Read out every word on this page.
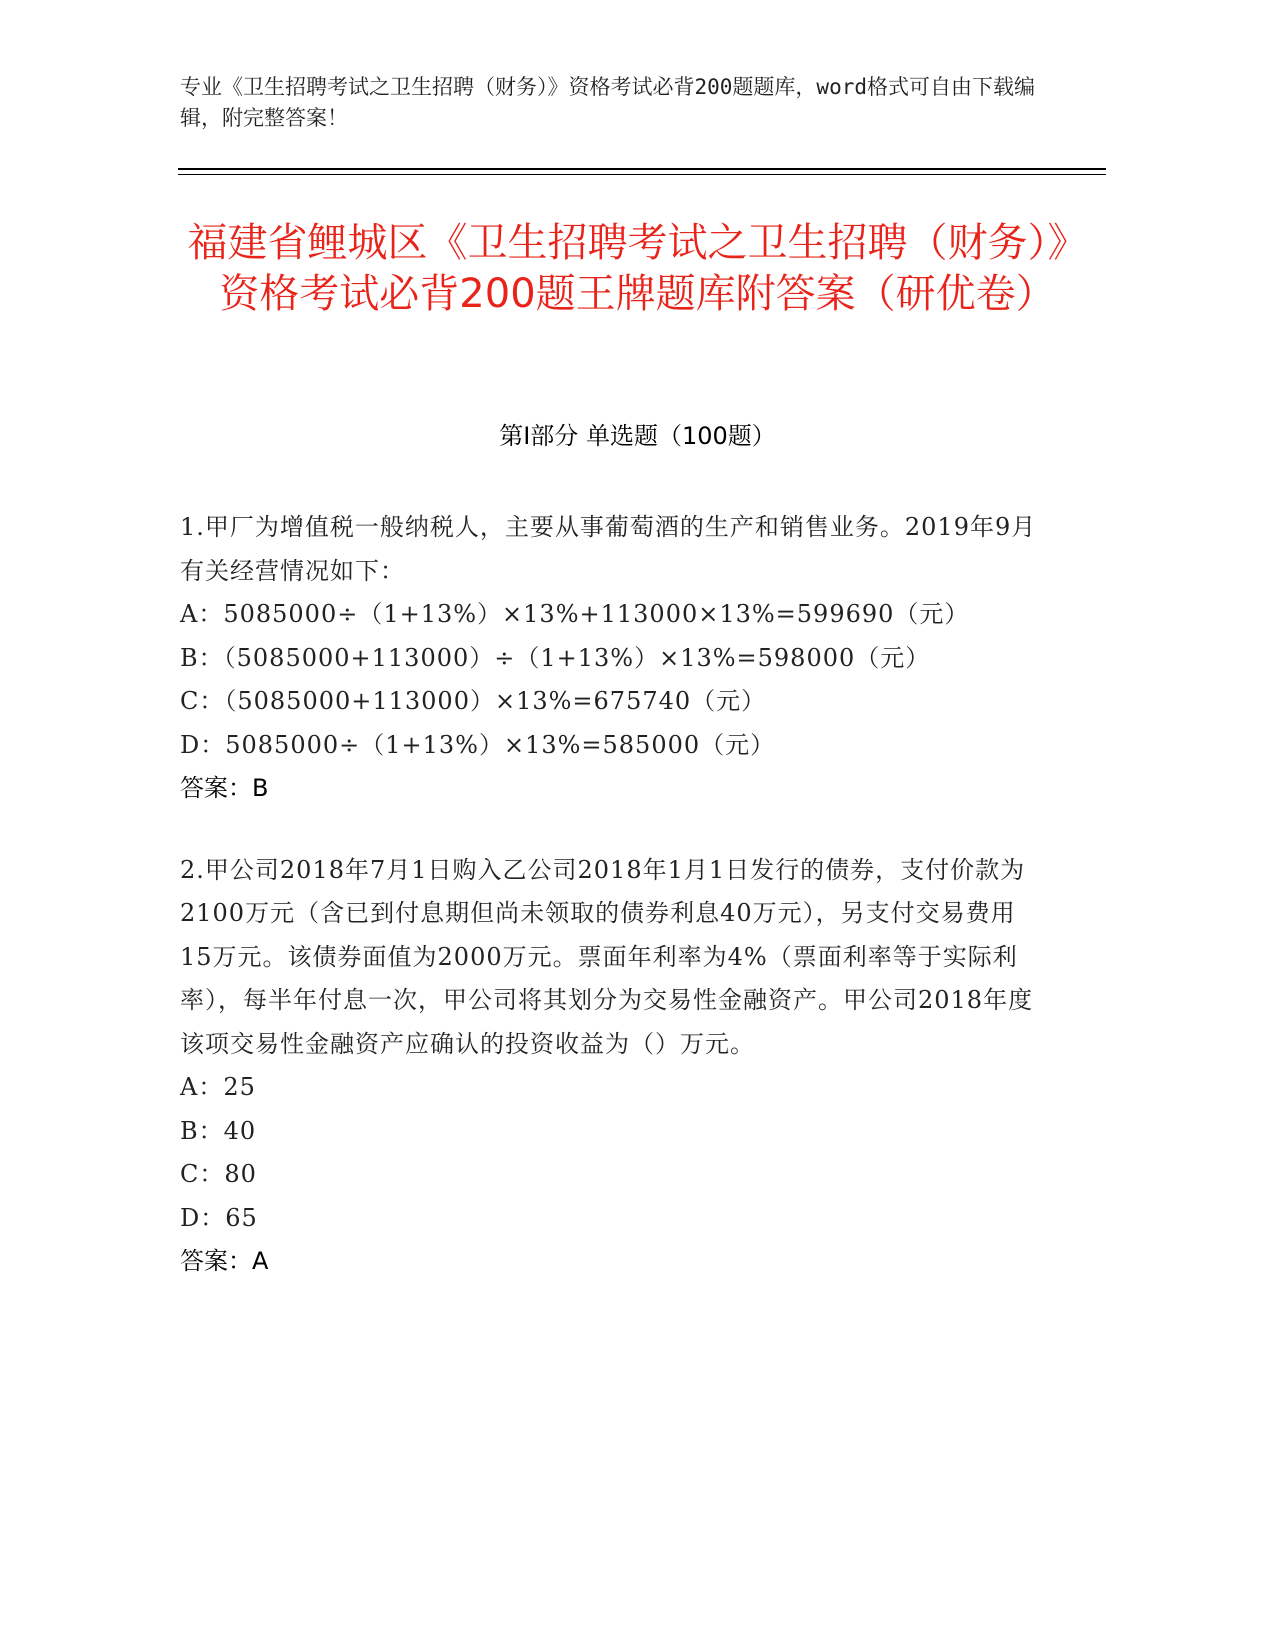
专业《卫生招聘考试之卫生招聘（财务）》资格考试必背200题题库，word格式可自由下载编辑，附完整答案！
福建省鲤城区《卫生招聘考试之卫生招聘（财务）》资格考试必背200题王牌题库附答案（研优卷）
第Ⅰ部分 单选题（100题）

1.甲厂为增值税一般纳税人，主要从事葡萄酒的生产和销售业务。2019年9月有关经营情况如下：

A：5085000÷（1+13%）×13%+113000×13%=599690（元）

B：（5085000+113000）÷（1+13%）×13%=598000（元）

C：（5085000+113000）×13%=675740（元）

D：5085000÷（1+13%）×13%=585000（元）

答案：B

2.甲公司2018年7月1日购入乙公司2018年1月1日发行的债券，支付价款为2100万元（含已到付息期但尚未领取的债券利息40万元），另支付交易费用15万元。该债券面值为2000万元。票面年利率为4%（票面利率等于实际利率），每半年付息一次，甲公司将其划分为交易性金融资产。甲公司2018年度该项交易性金融资产应确认的投资收益为（）万元。

A：25

B：40

C：80

D：65

答案：A
